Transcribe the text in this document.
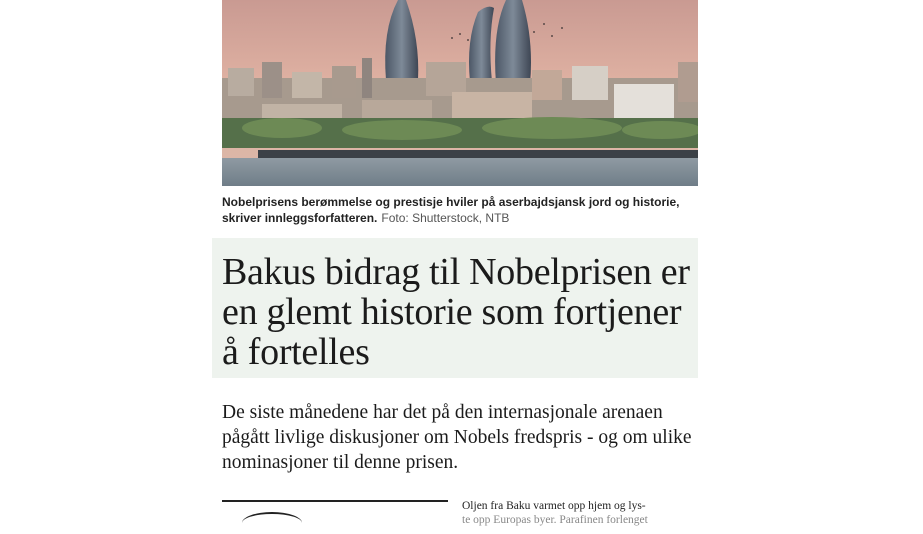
Nobelprisens berømmelse og prestisje hviler på aserbajdsjansk jord og historie, skriver innleggsforfatteren. Foto: Shutterstock, NTB
Bakus bidrag til Nobelprisen er en glemt historie som fortjener å fortelles

De siste månedene har det på den internasjonale arenaen pågått livlige diskusjoner om Nobels fredspris - og om ulike nominasjoner til denne prisen.

Oljen fra Baku varmet opp hjem og lys-
te opp Europas byer. Parafinen forlenget
